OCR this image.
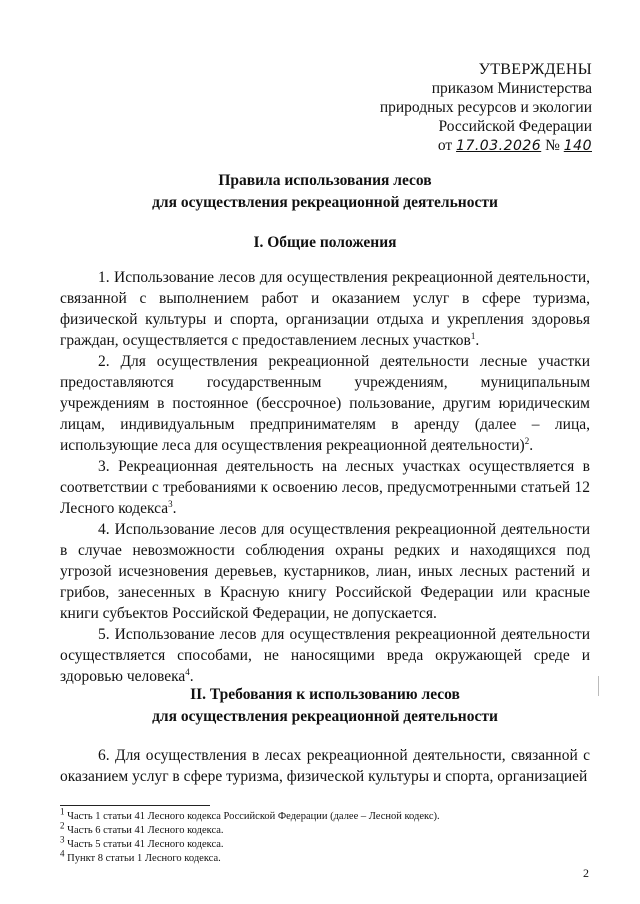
УТВЕРЖДЕНЫ
приказом Министерства
природных ресурсов и экологии
Российской Федерации
от 17.03.2026 № 140
Правила использования лесов
для осуществления рекреационной деятельности
I. Общие положения

1. Использование лесов для осуществления рекреационной деятельности, связанной с выполнением работ и оказанием услуг в сфере туризма, физической культуры и спорта, организации отдыха и укрепления здоровья граждан, осуществляется с предоставлением лесных участков$^1$.

2. Для осуществления рекреационной деятельности лесные участки предоставляются государственным учреждениям, муниципальным учреждениям в постоянное (бессрочное) пользование, другим юридическим лицам, индивидуальным предпринимателям в аренду (далее – лица, использующие леса для осуществления рекреационной деятельности)$^2$.

3. Рекреационная деятельность на лесных участках осуществляется в соответствии с требованиями к освоению лесов, предусмотренными статьей 12 Лесного кодекса$^3$.

4. Использование лесов для осуществления рекреационной деятельности в случае невозможности соблюдения охраны редких и находящихся под угрозой исчезновения деревьев, кустарников, лиан, иных лесных растений и грибов, занесенных в Красную книгу Российской Федерации или красные книги субъектов Российской Федерации, не допускается.

5. Использование лесов для осуществления рекреационной деятельности осуществляется способами, не наносящими вреда окружающей среде и здоровью человека$^4$.

II. Требования к использованию лесов
для осуществления рекреационной деятельности

6. Для осуществления в лесах рекреационной деятельности, связанной с оказанием услуг в сфере туризма, физической культуры и спорта, организацией

$^1$ Часть 1 статьи 41 Лесного кодекса Российской Федерации (далее – Лесной кодекс).
$^2$ Часть 6 статьи 41 Лесного кодекса.
$^3$ Часть 5 статьи 41 Лесного кодекса.
$^4$ Пункт 8 статьи 1 Лесного кодекса.
2
